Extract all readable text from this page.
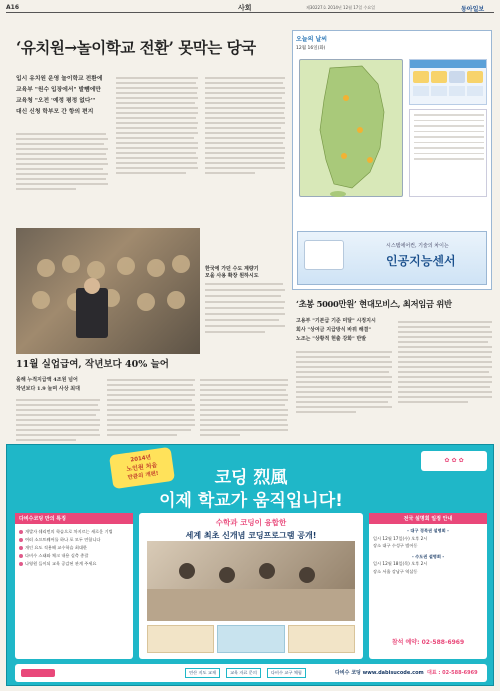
A16	사회	제30227호 2014년 12월 17일 수요일	동아일보
‘유치원→놀이학교 전환’ 못막는 당국
입시 유치원 운영 놀이학교 전환에
교육부 "원수 입장에서" 발뺌에만
교육청 "오전 '예정 평정 없다'"
대신 신청 학부모 간 항의 편지
오늘의 날씨
12월 16일(화)
시스템에어컨, 기술의 차이는
인공지능센서
한국에 가던 수도 계량기
모을 사용 확장 원하시도
11월 실업급여, 작년보다 40% 늘어
올해 누적지급액 4조원 넘어
작년보다 1.9 늘며 사상 최대
‘초봉 5000만원’ 현대모비스, 최저임금 위반
고용부 "기본급 기준 미달" 시정지시
회사 "상여금 지급방식 바꿔 해결"
노조는 "상황적 현출 강화" 반발
2014년
노인원 처음
만큼의 개편!	코딩 烈風
이제 학교가 움직입니다!
✿ ✿ ✿
다비수코딩 만의 특징
개발자 쉐리먼의 학습으로 차지르는 새로운 기법
여러 소프트웨어를 하나 포 모두 연합니다
개인 요도 적용해 교수학습 최대한
다비수 스태와 체크 내용 실측 총괄
나영원 들이되 교육 공감된 관계 주세요
수학과 코딩이 융합한
세계 최초 신개념 코딩프로그램 공개!
전국 설명회 일정 안내
- 대구 경북권 설명회 -
일시 12월 17일(수) 오후 2시
장소 대구 수성구 범어동
- 수도권 설명회 -
일시 12월 18일(목) 오후 2시
장소 서울 강남구 역삼동
참석 예약: 02-588-6969
연산 지도 교재	교육 자료 문의	다비수 교구 체험	다비수 코딩 www.dabisucode.com 대표 : 02-588-6969
